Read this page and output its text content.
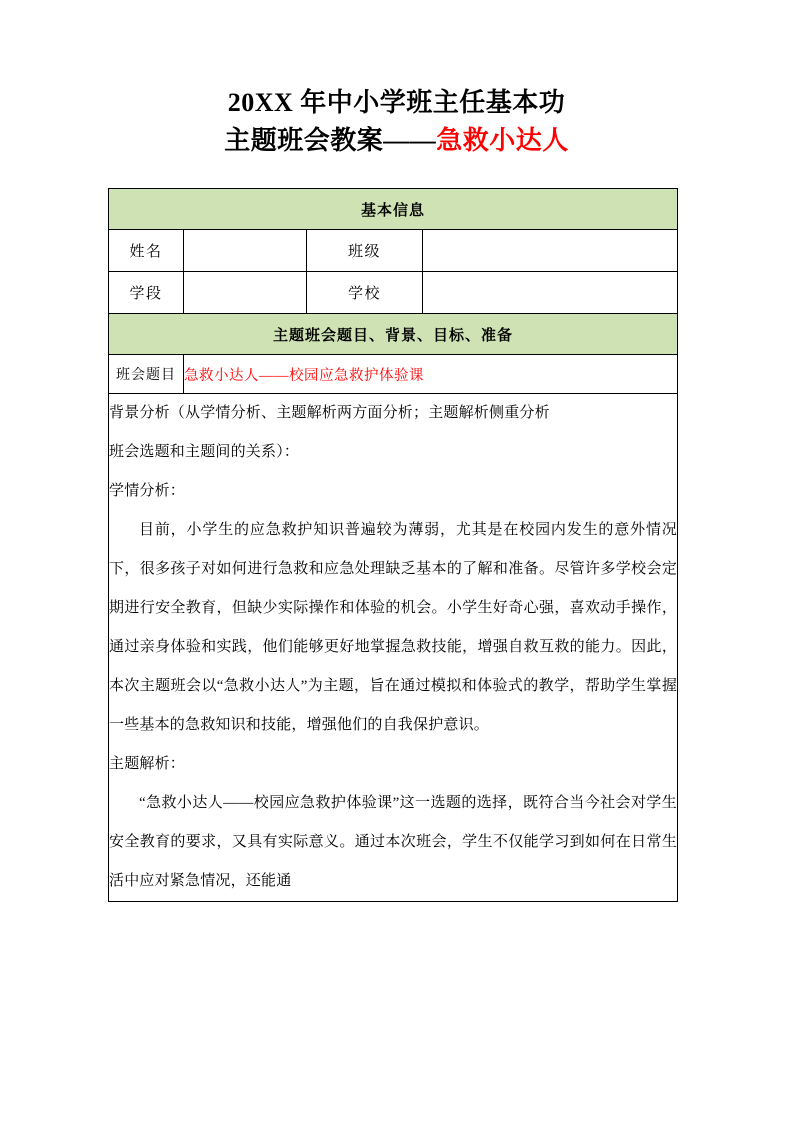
20XX 年中小学班主任基本功
主题班会教案——急救小达人
基本信息			
姓名		班级	
学段		学校	
主题班会题目、背景、目标、准备			
班会题目	急救小达人——校园应急救护体验课		

背景分析（从学情分析、主题解析两方面分析；主题解析侧重分析

班会选题和主题间的关系）：

学情分析：

目前，小学生的应急救护知识普遍较为薄弱，尤其是在校园内发生的意外情况下，很多孩子对如何进行急救和应急处理缺乏基本的了解和准备。尽管许多学校会定期进行安全教育，但缺少实际操作和体验的机会。小学生好奇心强，喜欢动手操作，通过亲身体验和实践，他们能够更好地掌握急救技能，增强自救互救的能力。因此，本次主题班会以“急救小达人”为主题，旨在通过模拟和体验式的教学，帮助学生掌握一些基本的急救知识和技能，增强他们的自我保护意识。

主题解析：

“急救小达人——校园应急救护体验课”这一选题的选择，既符合当今社会对学生安全教育的要求，又具有实际意义。通过本次班会，学生不仅能学习到如何在日常生活中应对紧急情况，还能通
